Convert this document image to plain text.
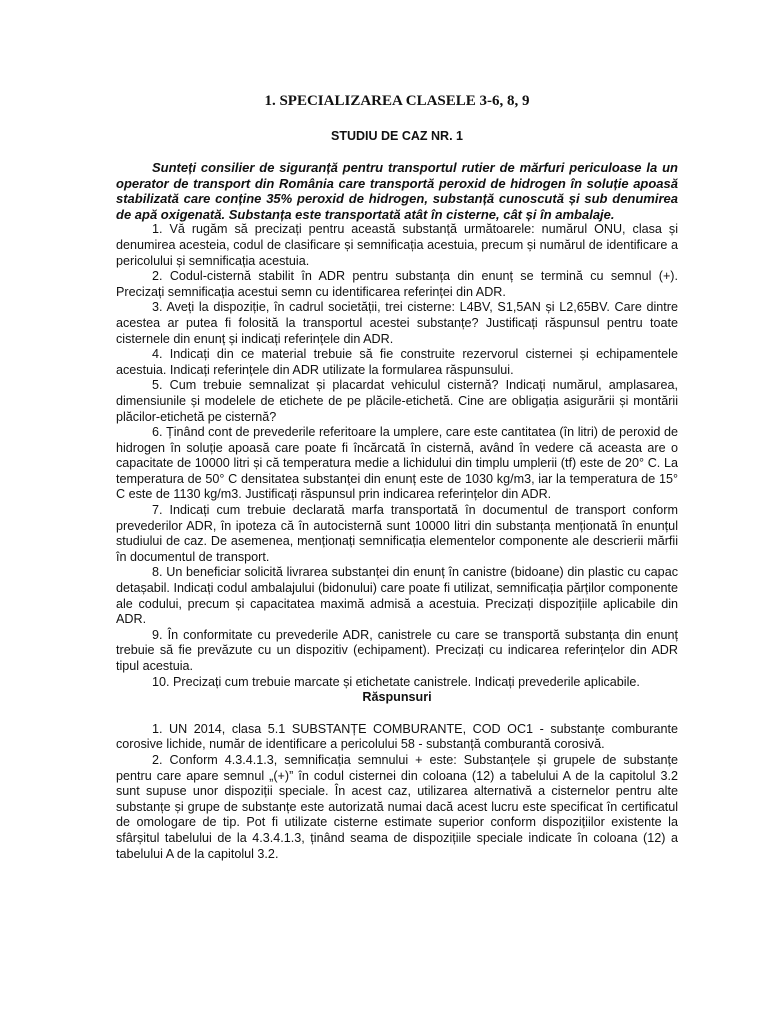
1. SPECIALIZAREA CLASELE 3-6, 8, 9
STUDIU DE CAZ NR. 1

Sunteți consilier de siguranță pentru transportul rutier de mărfuri periculoase la un operator de transport din România care transportă peroxid de hidrogen în soluție apoasă stabilizată care conține 35% peroxid de hidrogen, substanță cunoscută și sub denumirea de apă oxigenată. Substanța este transportată atât în cisterne, cât și în ambalaje.

1. Vă rugăm să precizați pentru această substanță următoarele: numărul ONU, clasa și denumirea acesteia, codul de clasificare și semnificația acestuia, precum și numărul de identificare a pericolului și semnificația acestuia.

2. Codul-cisternă stabilit în ADR pentru substanța din enunț se termină cu semnul (+). Precizați semnificația acestui semn cu identificarea referinței din ADR.

3. Aveți la dispoziție, în cadrul societății, trei cisterne: L4BV, S1,5AN și L2,65BV. Care dintre acestea ar putea fi folosită la transportul acestei substanțe? Justificați răspunsul pentru toate cisternele din enunț și indicați referințele din ADR.

4. Indicați din ce material trebuie să fie construite rezervorul cisternei și echipamentele acestuia. Indicați referințele din ADR utilizate la formularea răspunsului.

5. Cum trebuie semnalizat și placardat vehiculul cisternă? Indicați numărul, amplasarea, dimensiunile și modelele de etichete de pe plăcile-etichetă. Cine are obligația asigurării și montării plăcilor-etichetă pe cisternă?

6. Ținând cont de prevederile referitoare la umplere, care este cantitatea (în litri) de peroxid de hidrogen în soluție apoasă care poate fi încărcată în cisternă, având în vedere că aceasta are o capacitate de 10000 litri și că temperatura medie a lichidului din timplu umplerii (tf) este de 20° C. La temperatura de 50° C densitatea substanței din enunț este de 1030 kg/m3, iar la temperatura de 15° C este de 1130 kg/m3. Justificați răspunsul prin indicarea referințelor din ADR.

7. Indicați cum trebuie declarată marfa transportată în documentul de transport conform prevederilor ADR, în ipoteza că în autocisternă sunt 10000 litri din substanța menționată în enunțul studiului de caz. De asemenea, menționați semnificația elementelor componente ale descrierii mărfii în documentul de transport.

8. Un beneficiar solicită livrarea substanței din enunț în canistre (bidoane) din plastic cu capac detașabil. Indicați codul ambalajului (bidonului) care poate fi utilizat, semnificația părților componente ale codului, precum și capacitatea maximă admisă a acestuia. Precizați dispozițiile aplicabile din ADR.

9. În conformitate cu prevederile ADR, canistrele cu care se transportă substanța din enunț trebuie să fie prevăzute cu un dispozitiv (echipament). Precizați cu indicarea referințelor din ADR tipul acestuia.

10. Precizați cum trebuie marcate și etichetate canistrele. Indicați prevederile aplicabile.

Răspunsuri

1. UN 2014, clasa 5.1 SUBSTANȚE COMBURANTE, COD OC1 - substanțe comburante corosive lichide, număr de identificare a pericolului 58 - substanță comburantă corosivă.

2. Conform 4.3.4.1.3, semnificația semnului + este: Substanțele și grupele de substanțe pentru care apare semnul „(+)” în codul cisternei din coloana (12) a tabelului A de la capitolul 3.2 sunt supuse unor dispoziții speciale. În acest caz, utilizarea alternativă a cisternelor pentru alte substanțe și grupe de substanțe este autorizată numai dacă acest lucru este specificat în certificatul de omologare de tip. Pot fi utilizate cisterne estimate superior conform dispozițiilor existente la sfârșitul tabelului de la 4.3.4.1.3, ținând seama de dispozițiile speciale indicate în coloana (12) a tabelului A de la capitolul 3.2.
